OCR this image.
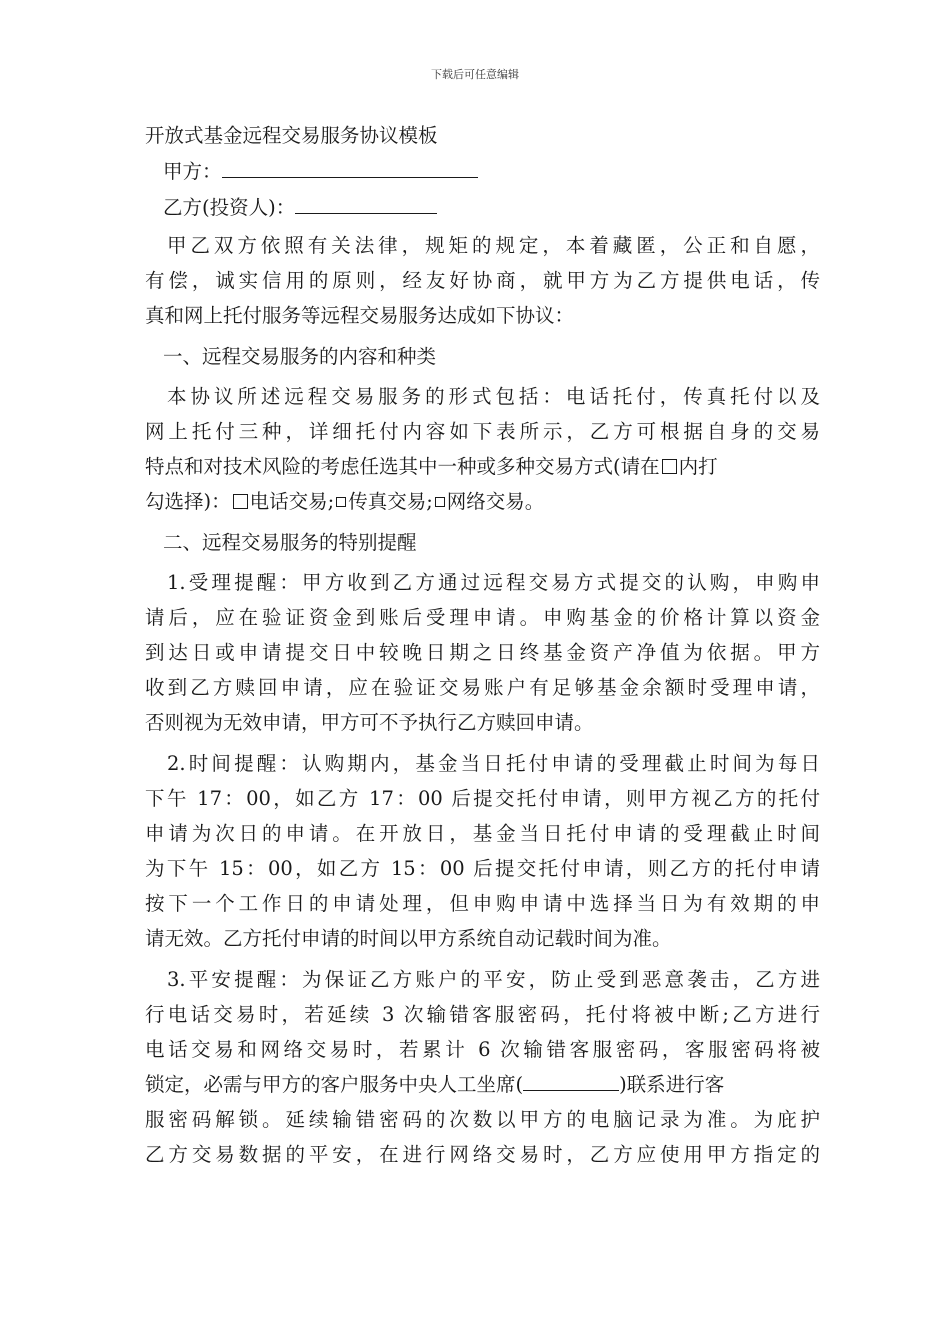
下载后可任意编辑
开放式基金远程交易服务协议模板
甲方：
乙方(投资人)：
甲乙双方依照有关法律，规矩的规定，本着藏匿，公正和自愿，
有偿，诚实信用的原则，经友好协商，就甲方为乙方提供电话，传
真和网上托付服务等远程交易服务达成如下协议：
一、远程交易服务的内容和种类
本协议所述远程交易服务的形式包括：电话托付，传真托付以及
网上托付三种，详细托付内容如下表所示，乙方可根据自身的交易
特点和对技术风险的考虑任选其中一种或多种交易方式(请在 内打
勾选择)： 电话交易; 传真交易; 网络交易。
二、远程交易服务的特别提醒
1.受理提醒：甲方收到乙方通过远程交易方式提交的认购，申购申
请后，应在验证资金到账后受理申请。申购基金的价格计算以资金
到达日或申请提交日中较晚日期之日终基金资产净值为依据。甲方
收到乙方赎回申请，应在验证交易账户有足够基金余额时受理申请，
否则视为无效申请，甲方可不予执行乙方赎回申请。
2.时间提醒：认购期内，基金当日托付申请的受理截止时间为每日
下午 17：00，如乙方 17：00 后提交托付申请，则甲方视乙方的托付
申请为次日的申请。在开放日，基金当日托付申请的受理截止时间
为下午 15：00，如乙方 15：00 后提交托付申请，则乙方的托付申请
按下一个工作日的申请处理，但申购申请中选择当日为有效期的申
请无效。乙方托付申请的时间以甲方系统自动记载时间为准。
3.平安提醒：为保证乙方账户的平安，防止受到恶意袭击，乙方进
行电话交易时，若延续 3 次输错客服密码，托付将被中断;乙方进行
电话交易和网络交易时，若累计 6 次输错客服密码，客服密码将被
锁定，必需与甲方的客户服务中央人工坐席(	)联系进行客
服密码解锁。延续输错密码的次数以甲方的电脑记录为准。为庇护
乙方交易数据的平安，在进行网络交易时，乙方应使用甲方指定的
